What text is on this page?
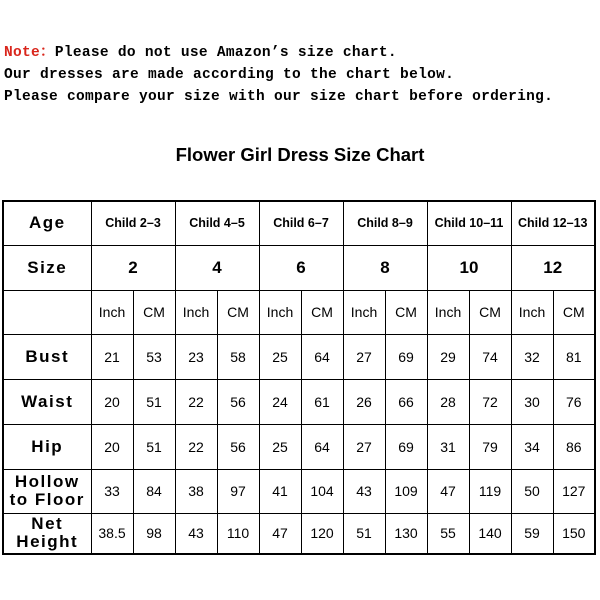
Note：Please do not use Amazon’s size chart.
Our dresses are made according to the chart below.
Please compare your size with our size chart before ordering.
Flower Girl Dress Size Chart
Age	Child 2–3		Child 4–5		Child 6–7		Child 8–9		Child 10–11		Child 12–13	

Size	2		4		6		8		10		12	
	Inch	CM	Inch	CM	Inch	CM	Inch	CM	Inch	CM	Inch	CM

Bust	21	53	23	58	25	64	27	69	29	74	32	81

Waist	20	51	22	56	24	61	26	66	28	72	30	76

Hip	20	51	22	56	25	64	27	69	31	79	34	86

Hollow
to Floor	33	84	38	97	41	104	43	109	47	119	50	127

Net
Height	38.5	98	43	110	47	120	51	130	55	140	59	150
